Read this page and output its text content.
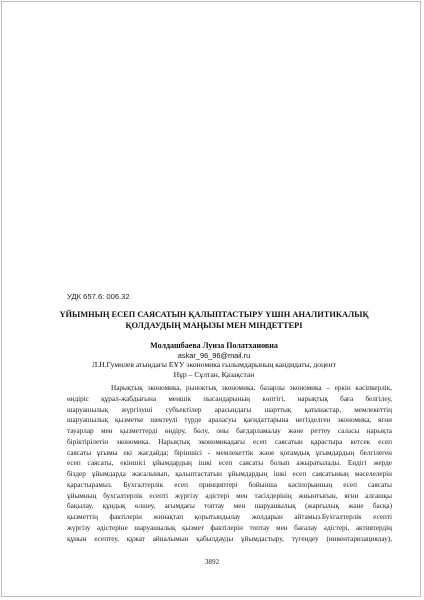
УДК 657.6: 006.32
ҮЙЫМНЫҢ ЕСЕП САЯСАТЫН ҚАЛЫПТАСТЫРУ ҮШІН АНАЛИТИКАЛЫҚ
ҚОЛДАУДЫҢ МАҢЫЗЫ МЕН МІНДЕТТЕРІ
Молдашбаева Луиза Полатхановна
askar_96_96@mail.ru
Л.Н.Гумилев атындағы ЕҰУ экономика ғылымдарының кандидаты, доцент
Нұр – Сұлтан, Қазақстан
Нарықтық экономика, рыноктық экономика, базарлы экономика – еркін кәсіпкерлік,
өндіріс құрал-жабдығына меншік пысандарының көптігі, нарықтық баға белгілеу,
шаруашылық жүргізуші субъектілер арасындағы шарттық қатынастар, мемлекеттің
шаруашылық қызметке шектеулі түрде араласуы қағидаттарына негізделген экономика, яғни
тауарлар мен қызметтерді өндіру, бөлу, оны бағдарламалау және реттеу саласы нарықта
біріктірілетін экономика. Нарықтық экономикадағы есеп саясатын қарастыра кетсек есеп
саясаты ұғымы екі жағдайда; біріншісі - мемлекеттік және қоғамдық ұғымдардың белгілеген
есеп саясаты, екіншісі ұйымдардың ішкі есеп саясаты болып ажыратылады. Ендігі жерде
біздер ұйымдарда жасалынып, қалыптастатын ұйымдардың ішкі есеп саясатының мәселелерін
қарастырамыз. Бухгалтерлік есеп принциптері бойынша кәсіпорынның есеп саясаты
ұйымның бухгалтерлік есепті жүргізу әдістері мен тәсілдерінің жиынтығын, яғни алғашқы
бақылау, құндық өлшеу, ағымдағы топтау мен шаруашылық (жарғылық және басқа)
қызметтің фактілерін жинақтап қорытындылау жолдарын айтамыз.Бухгалтерлік есепті
жүргізу әдістеріне шаруашылық қызмет фактілерін топтау мен бағалау әдістері, активтердің
құнын есептеу, құжат айналымын қабылдауды ұйымдастыру, түгендеу (инвентаризациялау),
3892
